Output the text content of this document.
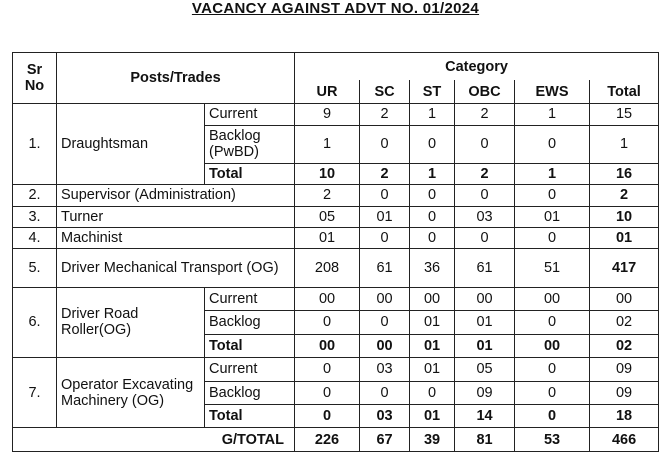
VACANCY AGAINST ADVT NO. 01/2024
Sr No	Posts/Trades		Category					
			UR	SC	ST	OBC	EWS	Total
1.	Draughtsman	Current	9	2	1	2	1	15
		Backlog (PwBD)	1	0	0	0	0	1
		Total	10	2	1	2	1	16
2.	Supervisor (Administration)		2	0	0	0	0	2
3.	Turner		05	01	0	03	01	10
4.	Machinist		01	0	0	0	0	01
5.	Driver Mechanical Transport (OG)		208	61	36	61	51	417
6.	Driver Road Roller(OG)	Current	00	00	00	00	00	00
		Backlog	0	0	01	01	0	02
		Total	00	00	01	01	00	02
7.	Operator Excavating Machinery (OG)	Current	0	03	01	05	0	09
		Backlog	0	0	0	09	0	09
		Total	0	03	01	14	0	18
G/TOTAL			226	67	39	81	53	466
